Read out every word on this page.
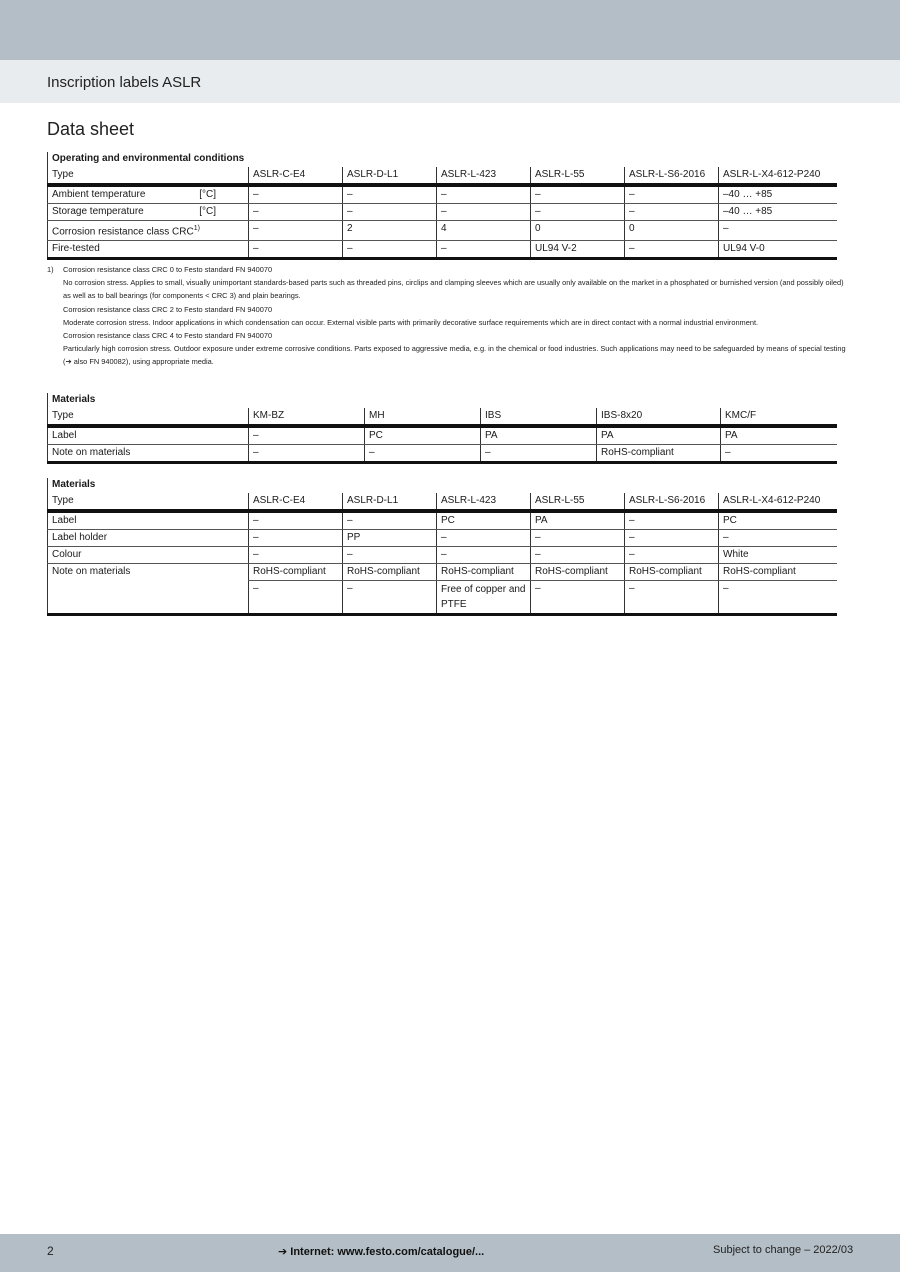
Inscription labels ASLR
Data sheet
Operating and environmental conditions						
Type	ASLR-C-E4	ASLR-D-L1	ASLR-L-423	ASLR-L-55	ASLR-L-S6-2016	ASLR-L-X4-612-P240

Ambient temperature [°C]	–	–	–	–	–	–40 … +85

Storage temperature [°C]	–	–	–	–	–	–40 … +85
Corrosion resistance class CRC$^{1)}$	–	2	4	0	0	–
Fire-tested	–	–	–	UL94 V-2	–	UL94 V-0
1) Corrosion resistance class CRC 0 to Festo standard FN 940070
No corrosion stress. Applies to small, visually unimportant standards-based parts such as threaded pins, circlips and clamping sleeves which are usually only available on the market in a phosphated or burnished version (and possibly oiled) as well as to ball bearings (for components < CRC 3) and plain bearings.
Corrosion resistance class CRC 2 to Festo standard FN 940070
Moderate corrosion stress. Indoor applications in which condensation can occur. External visible parts with primarily decorative surface requirements which are in direct contact with a normal industrial environment.
Corrosion resistance class CRC 4 to Festo standard FN 940070
Particularly high corrosion stress. Outdoor exposure under extreme corrosive conditions. Parts exposed to aggressive media, e.g. in the chemical or food industries. Such applications may need to be safeguarded by means of special testing (➔ also FN 940082), using appropriate media.
Materials					
Type	KM-BZ	MH	IBS	IBS-8x20	KMC/F
Label	–	PC	PA	PA	PA
Note on materials	–	–	–	RoHS-compliant	–
Materials						
Type	ASLR-C-E4	ASLR-D-L1	ASLR-L-423	ASLR-L-55	ASLR-L-S6-2016	ASLR-L-X4-612-P240
Label	–	–	PC	PA	–	PC
Label holder	–	PP	–	–	–	–
Colour	–	–	–	–	–	White
Note on materials	RoHS-compliant	RoHS-compliant	RoHS-compliant	RoHS-compliant	RoHS-compliant	RoHS-compliant
	–	–	Free of copper and PTFE	–	–	–
2	➔ Internet: www.festo.com/catalogue/...	Subject to change – 2022/03
